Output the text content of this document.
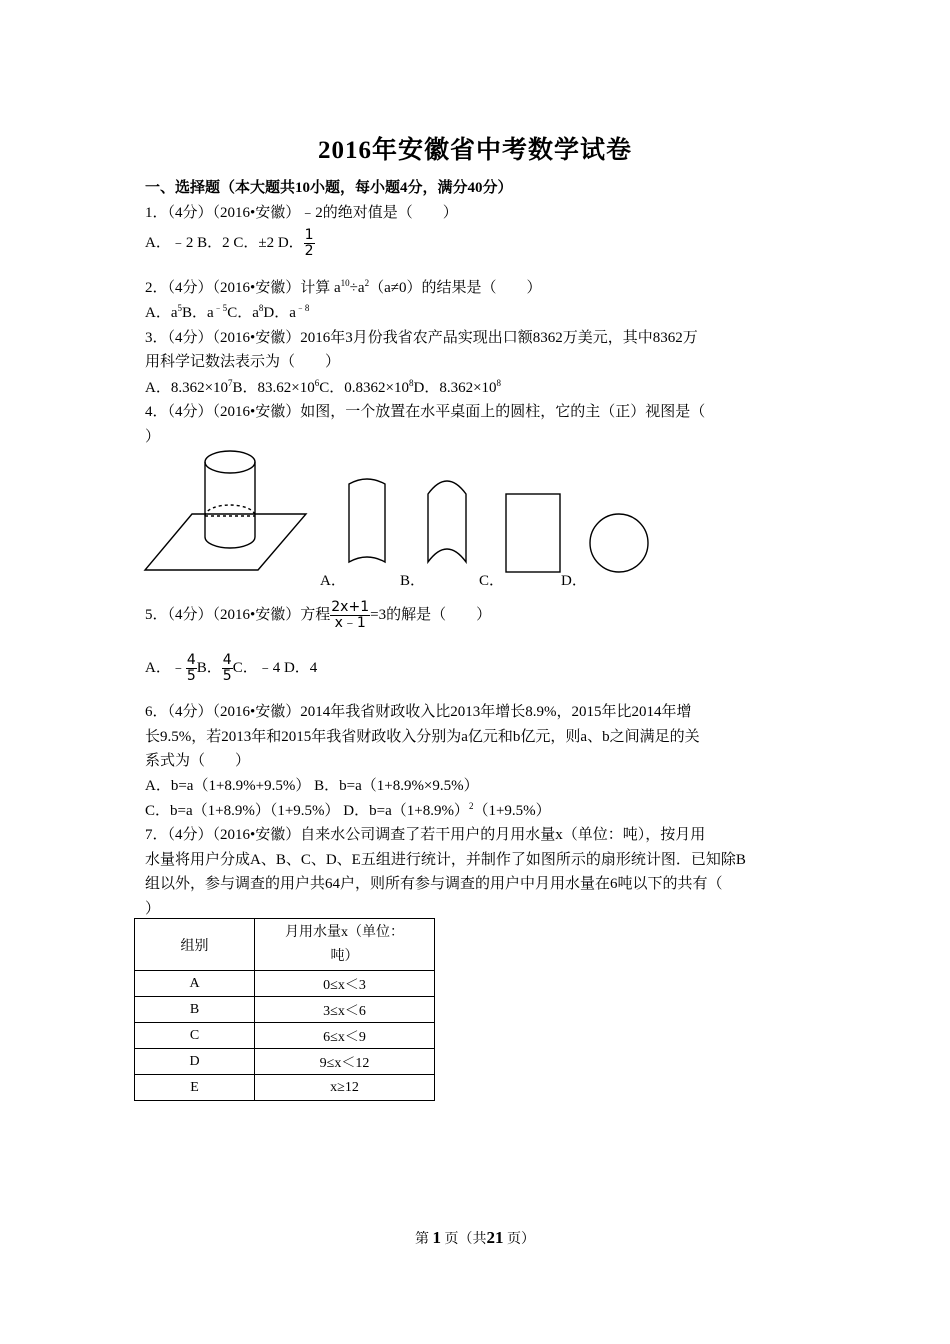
2016年安徽省中考数学试卷
一、选择题（本大题共10小题，每小题4分，满分40分）
1．（4分）（2016•安徽）﹣2的绝对值是（　　）
A．﹣2 B．2 C．±2 D． $\frac{1}{2}$
2．（4分）（2016•安徽）计算 $a^{10}\div a^2(a\ne 0)$的结果是（　　）
A．$a^5B$．$a^{﹣5}C$．$a^8D$．$a^{﹣8}$
3．（4分）（2016•安徽）2016年3月份我省农产品实现出口额8362万美元，其中8362万
用科学记数法表示为（　　）
A．$8.362\times 10^7B$．$83.62\times 10^6C$．$0.8362\times 10^8D$．$8.362\times 10^8$
4．（4分）（2016•安徽）如图，一个放置在水平桌面上的圆柱，它的主（正）视图是（
）
A．	B．	C．	D．
5．（4分）（2016•安徽）方程 $\frac{2x+1}{x﹣1} =3$的解是（　　）
A．﹣ $\frac{4}{5}$ B． $\frac{4}{5}$ C．﹣4 D．4
6．（4分）（2016•安徽）2014年我省财政收入比2013年增长8.9%，2015年比2014年增
长9.5%，若2013年和2015年我省财政收入分别为a亿元和b亿元，则a、b之间满足的关
系式为（　　）
A．b=a（1+8.9%+9.5%） B．b=a（1+8.9%×9.5%）
C．b=a（1+8.9%）（1+9.5%） D．$b=a(1+8.9\%)^2(1+9.5\%)$
7．（4分）（2016•安徽）自来水公司调查了若干用户的月用水量x（单位：吨），按月用
水量将用户分成A、B、C、D、E五组进行统计，并制作了如图所示的扇形统计图．已知除B
组以外，参与调查的用户共64户，则所有参与调查的用户中月用水量在6吨以下的共有（
）
组别	月用水量x（单位：
吨）
A	0≤x＜3
B	3≤x＜6
C	6≤x＜9
D	9≤x＜12
E	x≥12
第 1 页（共21 页）
